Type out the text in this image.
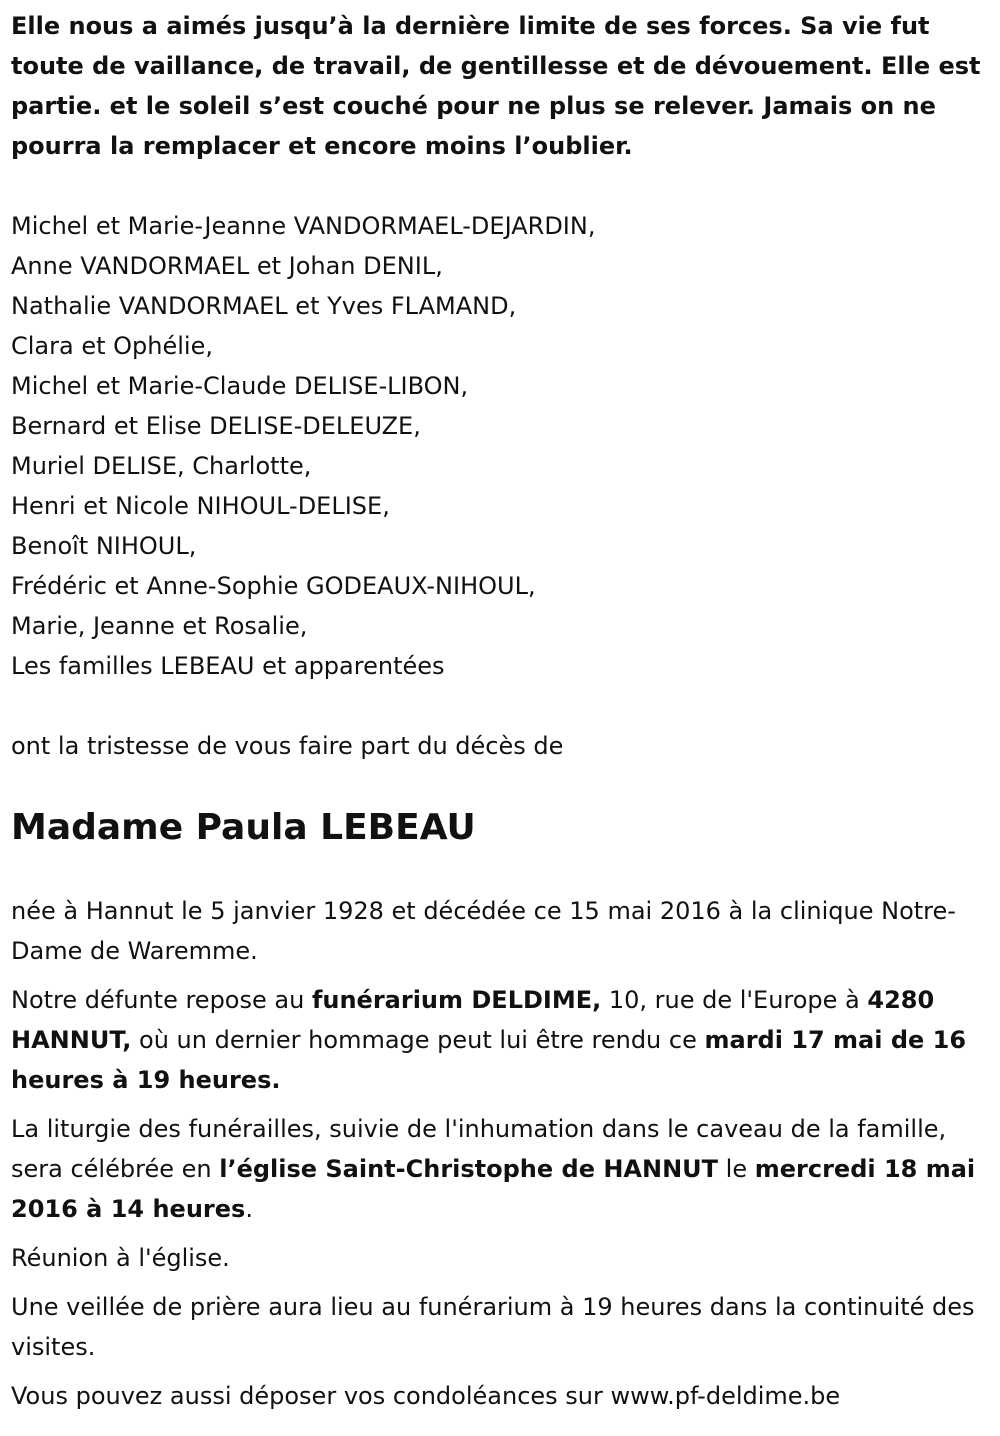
Elle nous a aimés jusqu’à la dernière limite de ses forces. Sa vie fut toute de vaillance, de travail, de gentillesse et de dévouement. Elle est partie. et le soleil s’est couché pour ne plus se relever. Jamais on ne pourra la remplacer et encore moins l’oublier.

Michel et Marie-Jeanne VANDORMAEL-DEJARDIN,
Anne VANDORMAEL et Johan DENIL,
Nathalie VANDORMAEL et Yves FLAMAND,
Clara et Ophélie,
Michel et Marie-Claude DELISE-LIBON,
Bernard et Elise DELISE-DELEUZE,
Muriel DELISE, Charlotte,
Henri et Nicole NIHOUL-DELISE,
Benoît NIHOUL,
Frédéric et Anne-Sophie GODEAUX-NIHOUL,
Marie, Jeanne et Rosalie,
Les familles LEBEAU et apparentées

ont la tristesse de vous faire part du décès de

Madame Paula LEBEAU

née à Hannut le 5 janvier 1928 et décédée ce 15 mai 2016 à la clinique Notre-Dame de Waremme.

Notre défunte repose au funérarium DELDIME, 10, rue de l'Europe à 4280 HANNUT, où un dernier hommage peut lui être rendu ce mardi 17 mai de 16 heures à 19 heures.

La liturgie des funérailles, suivie de l'inhumation dans le caveau de la famille, sera célébrée en l’église Saint-Christophe de HANNUT le mercredi 18 mai 2016 à 14 heures.

Réunion à l'église.

Une veillée de prière aura lieu au funérarium à 19 heures dans la continuité des visites.

Vous pouvez aussi déposer vos condoléances sur www.pf-deldime.be
